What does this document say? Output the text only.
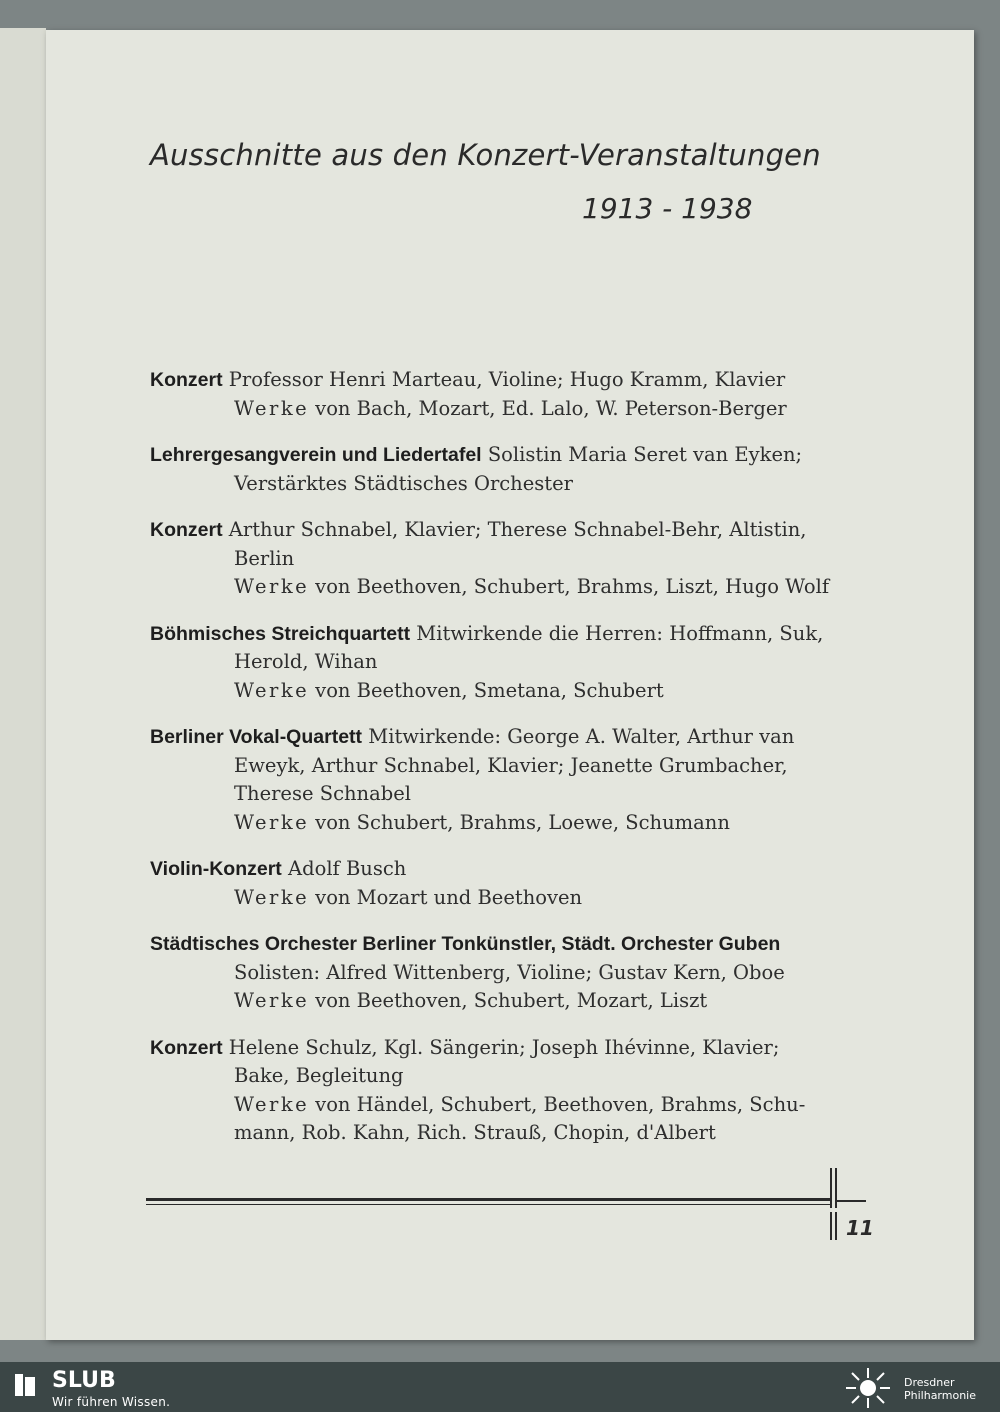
Ausschnitte aus den Konzert-Veranstaltungen
1913 - 1938

Konzert Professor Henri Marteau, Violine; Hugo Kramm, Klavier

Werke von Bach, Mozart, Ed. Lalo, W. Peterson-Berger

Lehrergesangverein und Liedertafel Solistin Maria Seret van Eyken;

Verstärktes Städtisches Orchester

Konzert Arthur Schnabel, Klavier; Therese Schnabel-Behr, Altistin,

Berlin

Werke von Beethoven, Schubert, Brahms, Liszt, Hugo Wolf

Böhmisches Streichquartett Mitwirkende die Herren: Hoffmann, Suk,

Herold, Wihan

Werke von Beethoven, Smetana, Schubert

Berliner Vokal-Quartett Mitwirkende: George A. Walter, Arthur van

Eweyk, Arthur Schnabel, Klavier; Jeanette Grumbacher,

Therese Schnabel

Werke von Schubert, Brahms, Loewe, Schumann

Violin-Konzert Adolf Busch

Werke von Mozart und Beethoven

Städtisches Orchester Berliner Tonkünstler, Städt. Orchester Guben

Solisten: Alfred Wittenberg, Violine; Gustav Kern, Oboe

Werke von Beethoven, Schubert, Mozart, Liszt

Konzert Helene Schulz, Kgl. Sängerin; Joseph Ihévinne, Klavier;

Bake, Begleitung

Werke von Händel, Schubert, Beethoven, Brahms, Schu-

mann, Rob. Kahn, Rich. Strauß, Chopin, d'Albert

11
SLUB
Wir führen Wissen.
Dresdner
Philharmonie
